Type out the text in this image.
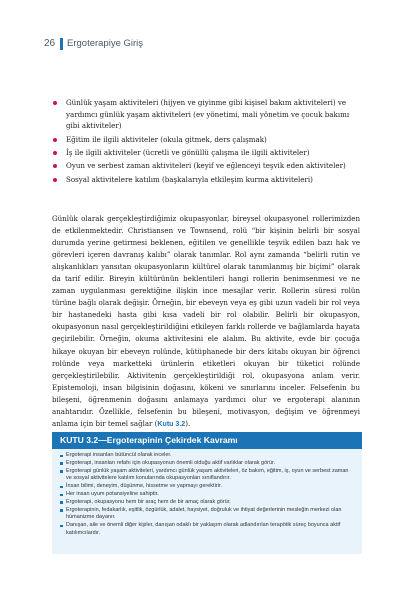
26 Ergoterapiye Giriş
Günlük yaşam aktiviteleri (hijyen ve giyinme gibi kişisel bakım aktiviteleri) ve yardımcı günlük yaşam aktiviteleri (ev yönetimi, mali yönetim ve çocuk bakımı gibi aktiviteler)
Eğitim ile ilgili aktiviteler (okula gitmek, ders çalışmak)
İş ile ilgili aktiviteler (ücretli ve gönüllü çalışma ile ilgili aktiviteler)
Oyun ve serbest zaman aktiviteleri (keyif ve eğlenceyi teşvik eden aktiviteler)
Sosyal aktivitelere katılım (başkalarıyla etkileşim kurma aktiviteleri)

Günlük olarak gerçekleştirdiğimiz okupasyonlar, bireysel okupasyonel rollerimizden de etkilenmektedir. Christiansen ve Townsend, rolü “bir kişinin belirli bir sosyal durumda yerine getirmesi beklenen, eğitilen ve genellikle teşvik edilen bazı hak ve görevleri içeren davranış kalıbı” olarak tanımlar. Rol aynı zamanda “belirli rutin ve alışkanlıkları yansıtan okupasyonların kültürel olarak tanımlanmış bir biçimi” olarak da tarif edilir. Bireyin kültürünün beklentileri hangi rollerin benimsenmesi ve ne zaman uygulanması gerektiğine ilişkin ince mesajlar verir. Rollerin süresi rolün türüne bağlı olarak değişir. Örneğin, bir ebeveyn veya eş gibi uzun vadeli bir rol veya bir hastanedeki hasta gibi kısa vadeli bir rol olabilir. Belirli bir okupasyon, okupasyonun nasıl gerçekleştirildiğini etkileyen farklı rollerde ve bağlamlarda hayata geçirilebilir. Örneğin, okuma aktivitesini ele alalım. Bu aktivite, evde bir çocuğa hikaye okuyan bir ebeveyn rolünde, kütüphanede bir ders kitabı okuyan bir öğrenci rolünde veya marketteki ürünlerin etiketleri okuyan bir tüketici rolünde gerçekleştirilebilir. Aktivitenin gerçekleştirildiği rol, okupasyona anlam verir. Epistemoloji, insan bilgisinin doğasını, kökeni ve sınırlarını inceler. Felsefenin bu bileşeni, öğrenmenin doğasını anlamaya yardımcı olur ve ergoterapi alanının anahtarıdır. Özellikle, felsefenin bu bileşeni, motivasyon, değişim ve öğrenmeyi anlama için bir temel sağlar (Kutu 3.2).

KUTU 3.2—Ergoterapinin Çekirdek Kavramı
Ergoterapi insanları bütüncül olarak inceler.
Ergoterapi, insanları refahı için okupasyonun önemli olduğu aktif varlıklar olarak görür.
Ergoterapi günlük yaşam aktiviteleri, yardımcı günlük yaşam aktiviteleri, öz bakım, eğitim, iş, oyun ve serbest zaman ve sosyal aktivitelere katılım konularında okupasyonları sınıflandırır.
İnsan bilimi, deneyim, düşünme, hissetme ve yapmayı gerektirir.
Her insan uyum potansiyeline sahiptir.
Ergoterapi, okupasyonu hem bir araç hem de bir amaç olarak görür.
Ergoterapinin, fedakarlık, eşitlik, özgürlük, adalet, haysiyet, doğruluk ve ihtiyat değerlerinin mesleğin merkezi olan hümanizme dayanır.
Danışan, aile ve önemli diğer kişiler, danışan odaklı bir yaklaşım olarak adlandırılan terapötik süreç boyunca aktif katılımcılardır.
